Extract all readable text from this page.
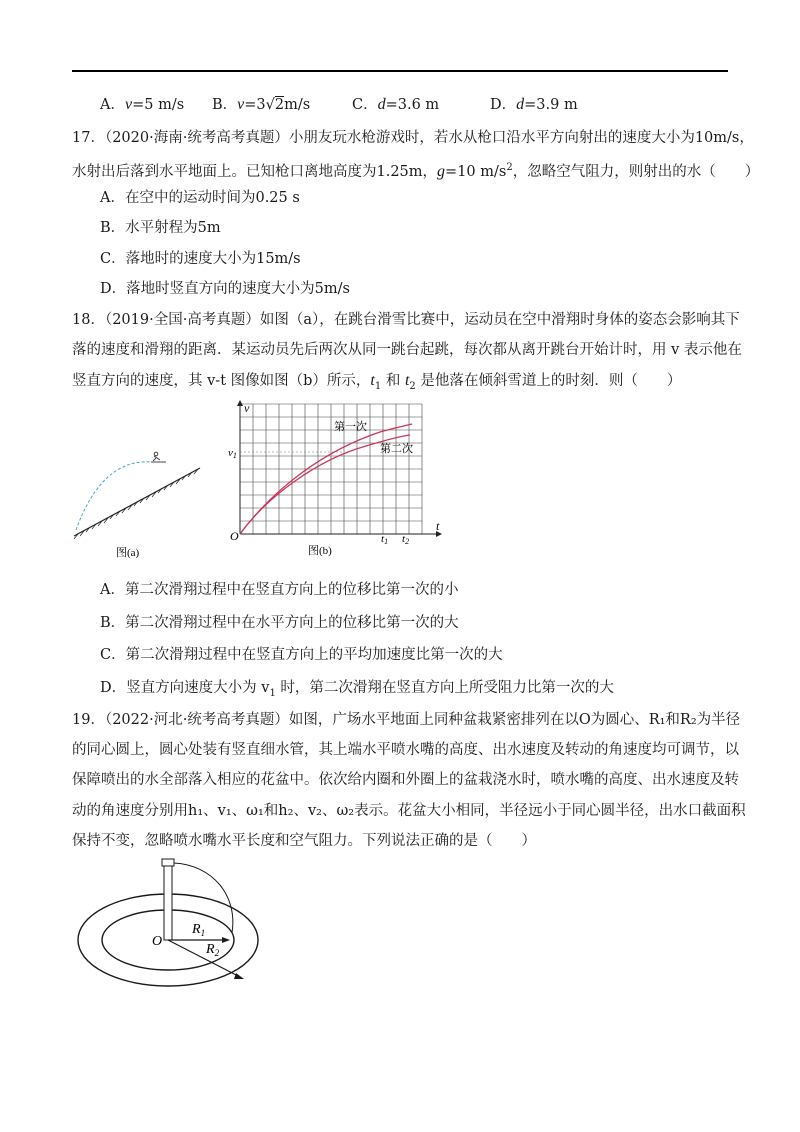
A．v=5 m/s B．v=3√2m/s	C．d=3.6 m	D．d=3.9 m
17．（2020·海南·统考高考真题）小朋友玩水枪游戏时，若水从枪口沿水平方向射出的速度大小为10m/s，
水射出后落到水平地面上。已知枪口离地高度为1.25m，g=10 $m/s^2$，忽略空气阻力，则射出的水（　　）
A．在空中的运动时间为0.25 s
B．水平射程为5m
C．落地时的速度大小为15m/s
D．落地时竖直方向的速度大小为5m/s
18．（2019·全国·高考真题）如图（a），在跳台滑雪比赛中，运动员在空中滑翔时身体的姿态会影响其下
落的速度和滑翔的距离．某运动员先后两次从同一跳台起跳，每次都从离开跳台开始计时，用 v 表示他在
竖直方向的速度，其 v-t 图像如图（b）所示，$t_1$ 和 $t_2$ 是他落在倾斜雪道上的时刻．则（　　）
图(a)
第一次
第二次
v
t
O
v1
t1 t2
图(b)
A．第二次滑翔过程中在竖直方向上的位移比第一次的小
B．第二次滑翔过程中在水平方向上的位移比第一次的大
C．第二次滑翔过程中在竖直方向上的平均加速度比第一次的大
D．竖直方向速度大小为 $v_1$ 时，第二次滑翔在竖直方向上所受阻力比第一次的大
19．（2022·河北·统考高考真题）如图，广场水平地面上同种盆栽紧密排列在以O为圆心、R₁和R₂为半径
的同心圆上，圆心处装有竖直细水管，其上端水平喷水嘴的高度、出水速度及转动的角速度均可调节，以
保障喷出的水全部落入相应的花盆中。依次给内圈和外圈上的盆栽浇水时，喷水嘴的高度、出水速度及转
动的角速度分别用h₁、v₁、ω₁和h₂、v₂、ω₂表示。花盆大小相同，半径远小于同心圆半径，出水口截面积
保持不变，忽略喷水嘴水平长度和空气阻力。下列说法正确的是（　　）
O
$R_1$
$R_2$
